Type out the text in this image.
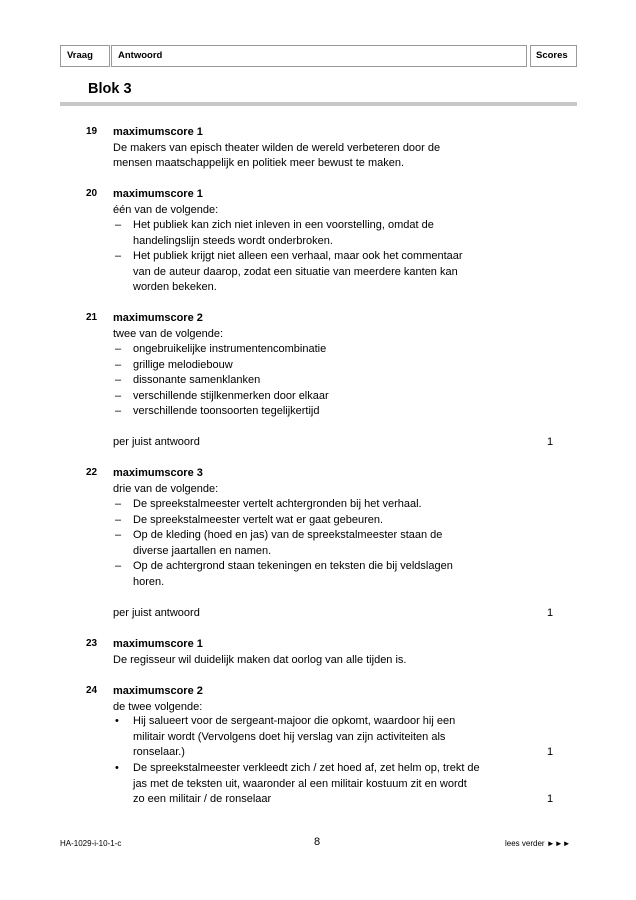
Vraag	Antwoord	Scores
Blok 3
19 maximumscore 1
De makers van episch theater wilden de wereld verbeteren door de
mensen maatschappelijk en politiek meer bewust te maken.
20 maximumscore 1
één van de volgende:
– Het publiek kan zich niet inleven in een voorstelling, omdat de
handelingslijn steeds wordt onderbroken.
– Het publiek krijgt niet alleen een verhaal, maar ook het commentaar
van de auteur daarop, zodat een situatie van meerdere kanten kan
worden bekeken.
21 maximumscore 2
twee van de volgende:
– ongebruikelijke instrumentencombinatie
– grillige melodiebouw
– dissonante samenklanken
– verschillende stijlkenmerken door elkaar
– verschillende toonsoorten tegelijkertijd
per juist antwoord	1
22 maximumscore 3
drie van de volgende:
– De spreekstalmeester vertelt achtergronden bij het verhaal.
– De spreekstalmeester vertelt wat er gaat gebeuren.
– Op de kleding (hoed en jas) van de spreekstalmeester staan de
diverse jaartallen en namen.
– Op de achtergrond staan tekeningen en teksten die bij veldslagen
horen.
per juist antwoord	1
23 maximumscore 1
De regisseur wil duidelijk maken dat oorlog van alle tijden is.
24 maximumscore 2
de twee volgende:
• Hij salueert voor de sergeant-majoor die opkomt, waardoor hij een
militair wordt (Vervolgens doet hij verslag van zijn activiteiten als
ronselaar.)	1
• De spreekstalmeester verkleedt zich / zet hoed af, zet helm op, trekt de
jas met de teksten uit, waaronder al een militair kostuum zit en wordt
zo een militair / de ronselaar	1
HA-1029-i-10-1-c	8	lees verder ►►►
